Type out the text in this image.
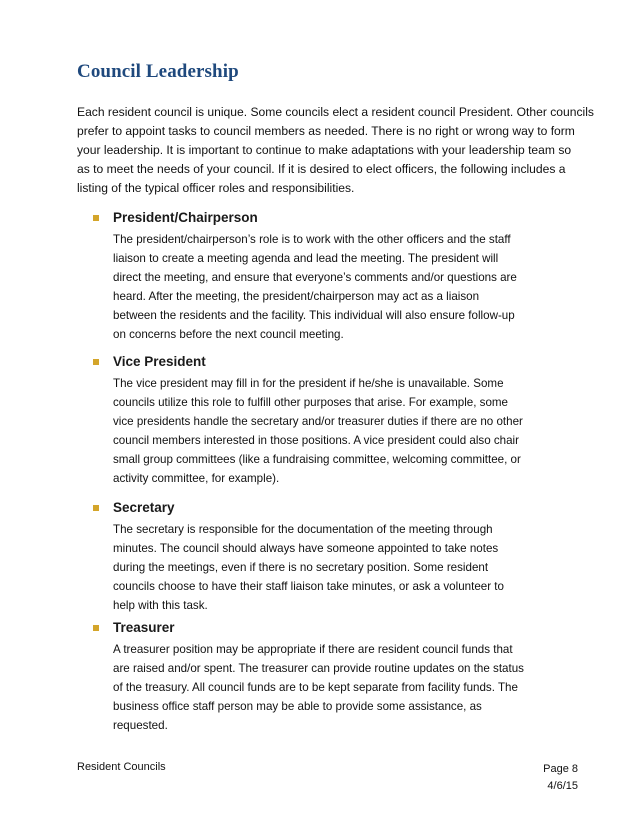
Council Leadership

Each resident council is unique. Some councils elect a resident council President. Other councils
prefer to appoint tasks to council members as needed. There is no right or wrong way to form
your leadership. It is important to continue to make adaptations with your leadership team so
as to meet the needs of your council. If it is desired to elect officers, the following includes a
listing of the typical officer roles and responsibilities.

President/Chairperson
The president/chairperson’s role is to work with the other officers and the staff
liaison to create a meeting agenda and lead the meeting. The president will
direct the meeting, and ensure that everyone’s comments and/or questions are
heard. After the meeting, the president/chairperson may act as a liaison
between the residents and the facility. This individual will also ensure follow-up
on concerns before the next council meeting.
Vice President
The vice president may fill in for the president if he/she is unavailable. Some
councils utilize this role to fulfill other purposes that arise. For example, some
vice presidents handle the secretary and/or treasurer duties if there are no other
council members interested in those positions. A vice president could also chair
small group committees (like a fundraising committee, welcoming committee, or
activity committee, for example).
Secretary
The secretary is responsible for the documentation of the meeting through
minutes. The council should always have someone appointed to take notes
during the meetings, even if there is no secretary position. Some resident
councils choose to have their staff liaison take minutes, or ask a volunteer to
help with this task.
Treasurer
A treasurer position may be appropriate if there are resident council funds that
are raised and/or spent. The treasurer can provide routine updates on the status
of the treasury. All council funds are to be kept separate from facility funds. The
business office staff person may be able to provide some assistance, as
requested.
Resident Councils	Page 8
4/6/15
